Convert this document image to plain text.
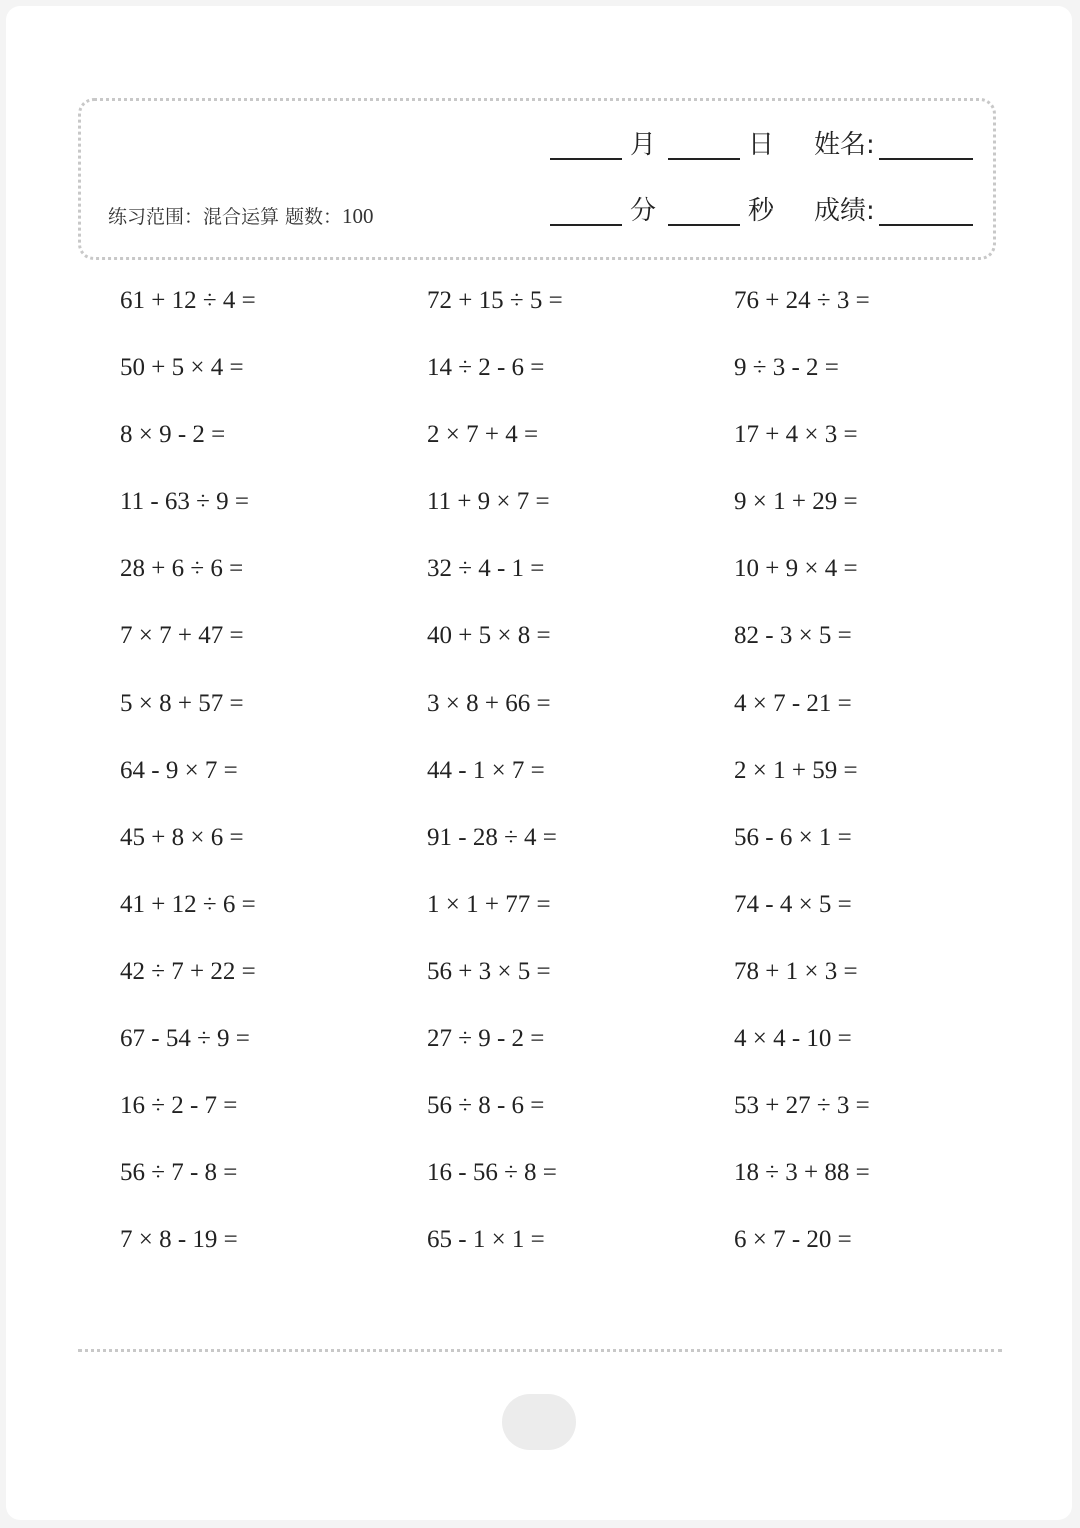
月	日 姓名:
分	秒 成绩:
练习范围：混合运算 题数：100
61 + 12 ÷ 4 =	72 + 15 ÷ 5 =	76 + 24 ÷ 3 =
50 + 5 × 4 =	14 ÷ 2 - 6 =	9 ÷ 3 - 2 =
8 × 9 - 2 =	2 × 7 + 4 =	17 + 4 × 3 =
11 - 63 ÷ 9 =	11 + 9 × 7 =	9 × 1 + 29 =
28 + 6 ÷ 6 =	32 ÷ 4 - 1 =	10 + 9 × 4 =
7 × 7 + 47 =	40 + 5 × 8 =	82 - 3 × 5 =
5 × 8 + 57 =	3 × 8 + 66 =	4 × 7 - 21 =
64 - 9 × 7 =	44 - 1 × 7 =	2 × 1 + 59 =
45 + 8 × 6 =	91 - 28 ÷ 4 =	56 - 6 × 1 =
41 + 12 ÷ 6 =	1 × 1 + 77 =	74 - 4 × 5 =
42 ÷ 7 + 22 =	56 + 3 × 5 =	78 + 1 × 3 =
67 - 54 ÷ 9 =	27 ÷ 9 - 2 =	4 × 4 - 10 =
16 ÷ 2 - 7 =	56 ÷ 8 - 6 =	53 + 27 ÷ 3 =
56 ÷ 7 - 8 =	16 - 56 ÷ 8 =	18 ÷ 3 + 88 =
7 × 8 - 19 =	65 - 1 × 1 =	6 × 7 - 20 =
